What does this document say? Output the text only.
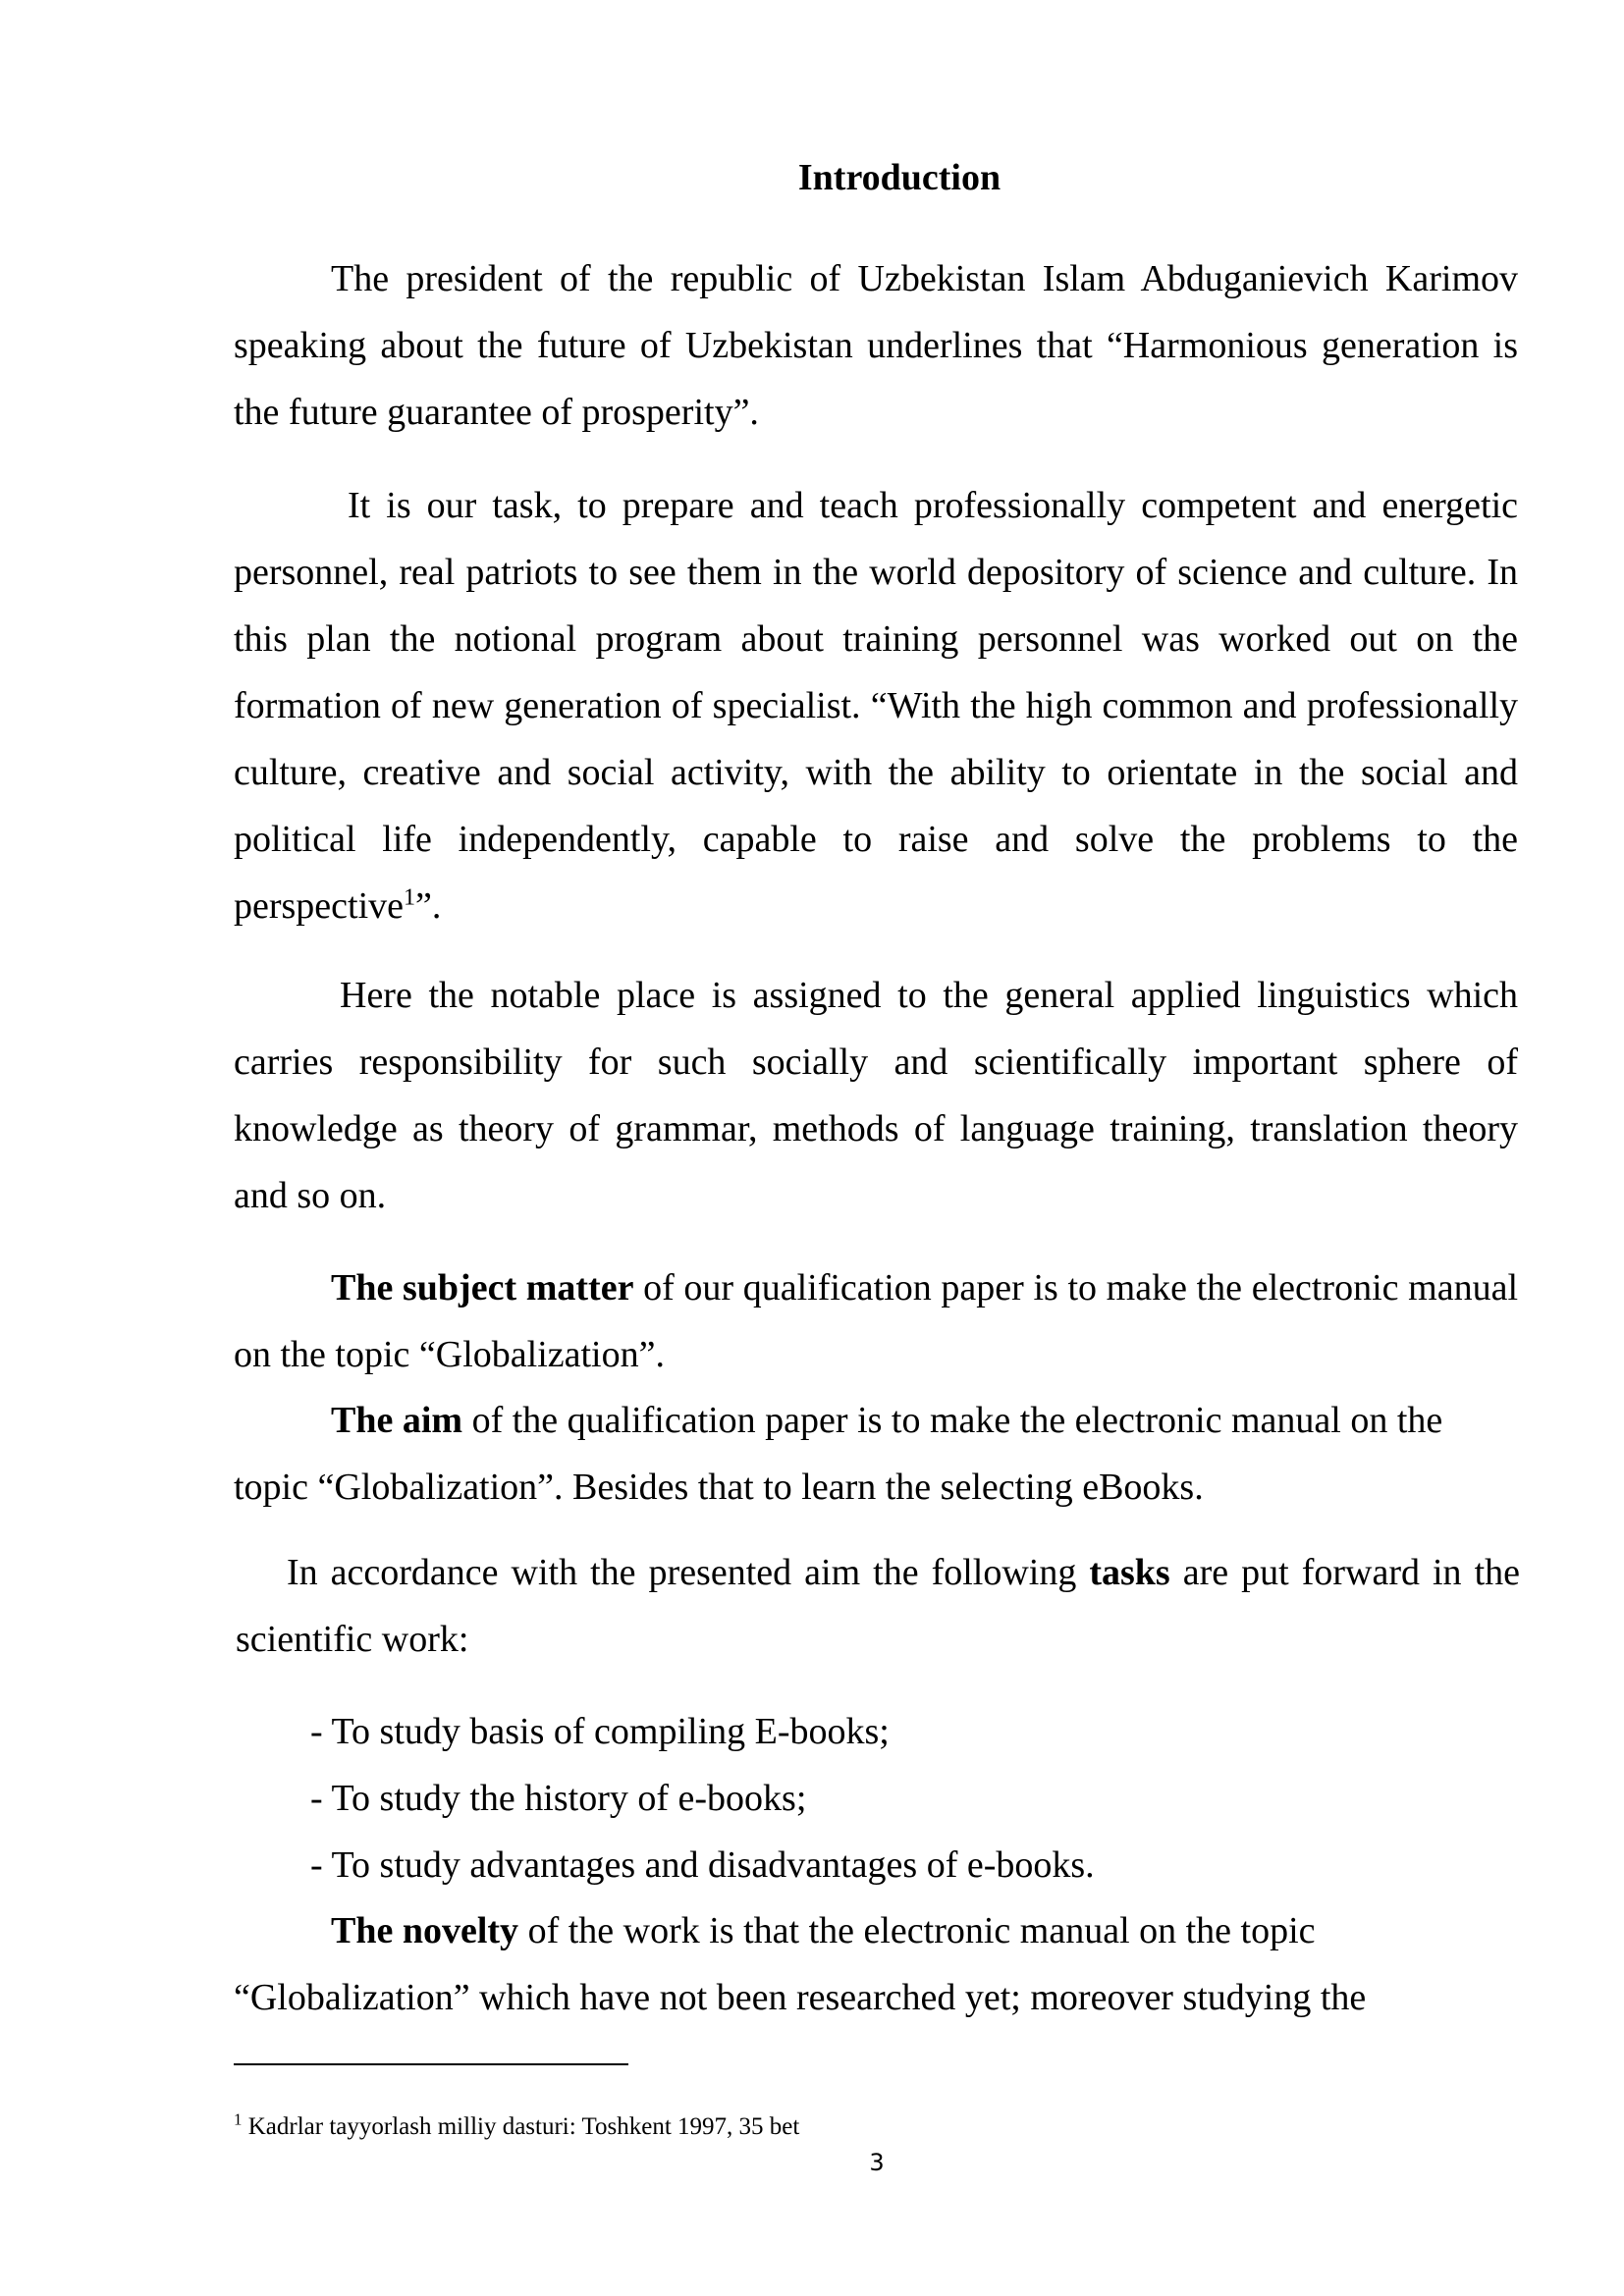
Introduction

The president of the republic of Uzbekistan Islam Abduganievich Karimov speaking about the future of Uzbekistan underlines that “Harmonious generation is the future guarantee of prosperity”.

It is our task, to prepare and teach professionally competent and energetic personnel, real patriots to see them in the world depository of science and culture. In this plan the notional program about training personnel was worked out on the formation of new generation of specialist. “With the high common and professionally culture, creative and social activity, with the ability to orientate in the social and political life independently, capable to raise and solve the problems to the perspective$^1$”.

Here the notable place is assigned to the general applied linguistics which carries responsibility for such socially and scientifically important sphere of knowledge as theory of grammar, methods of language training, translation theory and so on.

The subject matter of our qualification paper is to make the electronic manual on the topic “Globalization”.

The aim of the qualification paper is to make the electronic manual on the topic “Globalization”. Besides that to learn the selecting eBooks.

In accordance with the presented aim the following tasks are put forward in the scientific work:

- To study basis of compiling E-books;
- To study the history of e-books;
- To study advantages and disadvantages of e-books.

The novelty of the work is that the electronic manual on the topic “Globalization” which have not been researched yet; moreover studying the

$^1$ Kadrlar tayyorlash milliy dasturi: Toshkent 1997, 35 bet

3
